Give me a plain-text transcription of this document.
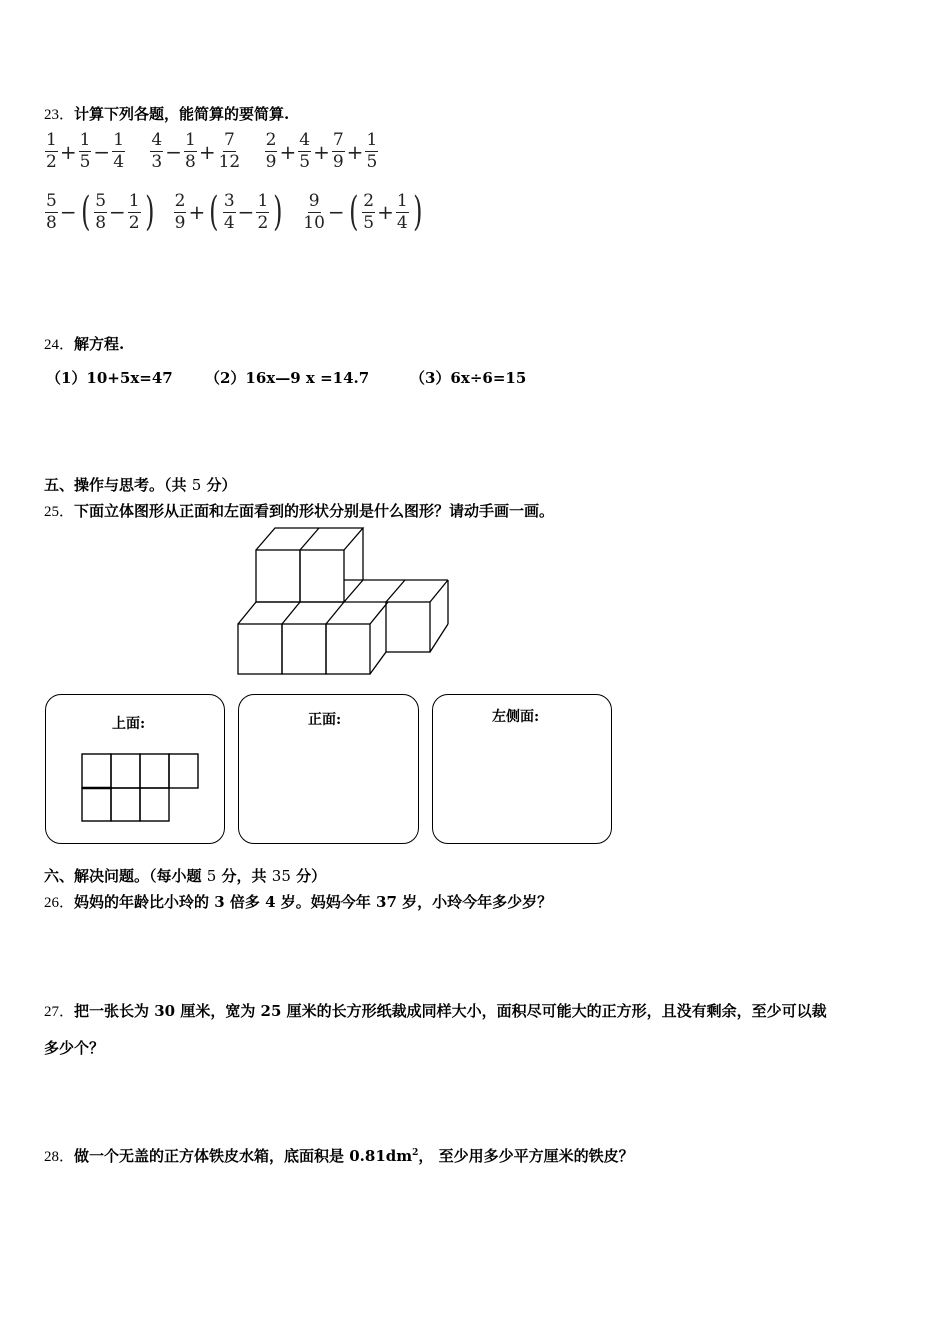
23．计算下列各题，能简算的要简算.
$\frac{1}{2} + \frac{1}{5} - \frac{1}{4}$
$\frac{4}{3} - \frac{1}{8} + \frac{7}{12}$
$\frac{2}{9} + \frac{4}{5} + \frac{7}{9} + \frac{1}{5}$
$\frac{5}{8}$ − ( $\frac{5}{8} - \frac{1}{2}$ ) $\frac{2}{9}$ + ( $\frac{3}{4} - \frac{1}{2}$ ) $\frac{9}{10}$ − ( $\frac{2}{5} + \frac{1}{4}$ )
24．解方程.
（1）10+5x=47 （2）16x—9 x =14.7	（3）6x÷6=15
五、操作与思考。（共 5 分）
25．下面立体图形从正面和左面看到的形状分别是什么图形？请动手画一画。
上面:	正面:	左侧面:
六、解决问题。（每小题 5 分，共 35 分）
26．妈妈的年龄比小玲的 3 倍多 4 岁。妈妈今年 37 岁，小玲今年多少岁？
27．把一张长为 30 厘米，宽为 25 厘米的长方形纸裁成同样大小，面积尽可能大的正方形，且没有剩余，至少可以裁
多少个？
28．做一个无盖的正方体铁皮水箱，底面积是 $0.81dm^2$， 至少用多少平方厘米的铁皮？
